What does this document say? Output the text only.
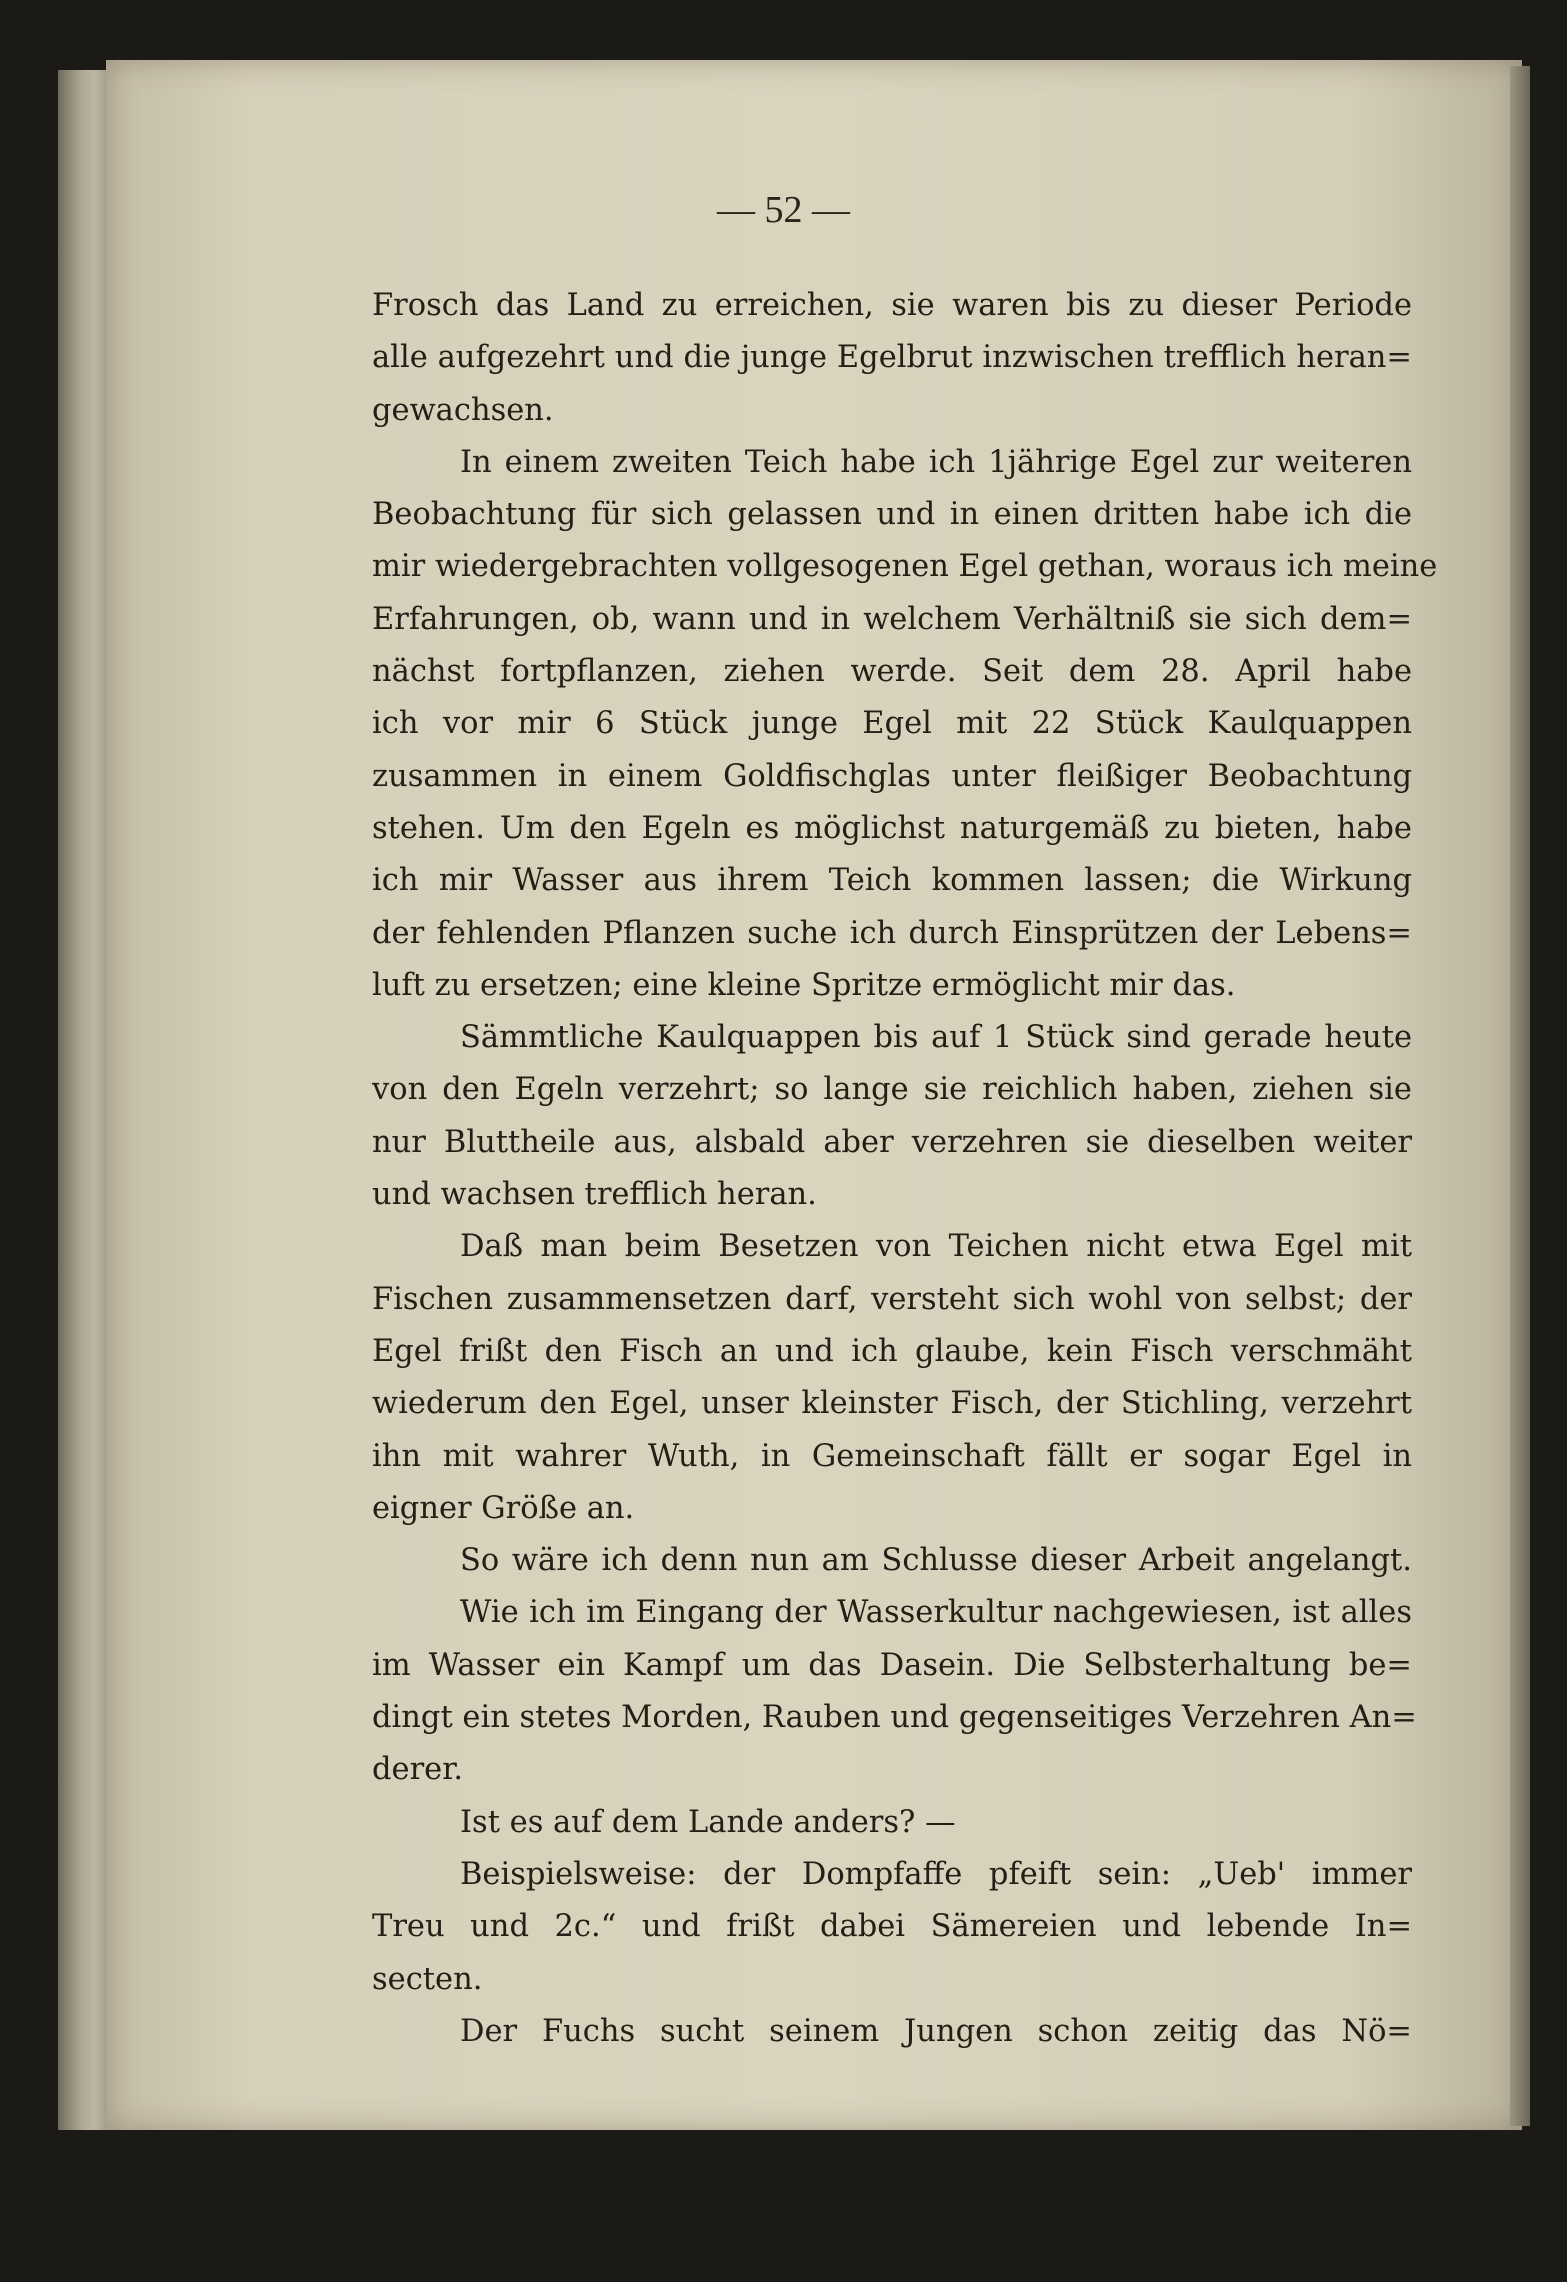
— 52 —
Frosch das Land zu erreichen, sie waren bis zu dieser Periode
alle aufgezehrt und die junge Egelbrut inzwischen trefflich heran=
gewachsen.
In einem zweiten Teich habe ich 1jährige Egel zur weiteren
Beobachtung für sich gelassen und in einen dritten habe ich die
mir wiedergebrachten vollgesogenen Egel gethan, woraus ich meine
Erfahrungen, ob, wann und in welchem Verhältniß sie sich dem=
nächst fortpflanzen, ziehen werde. Seit dem 28. April habe
ich vor mir 6 Stück junge Egel mit 22 Stück Kaulquappen
zusammen in einem Goldfischglas unter fleißiger Beobachtung
stehen. Um den Egeln es möglichst naturgemäß zu bieten, habe
ich mir Wasser aus ihrem Teich kommen lassen; die Wirkung
der fehlenden Pflanzen suche ich durch Einsprützen der Lebens=
luft zu ersetzen; eine kleine Spritze ermöglicht mir das.
Sämmtliche Kaulquappen bis auf 1 Stück sind gerade heute
von den Egeln verzehrt; so lange sie reichlich haben, ziehen sie
nur Bluttheile aus, alsbald aber verzehren sie dieselben weiter
und wachsen trefflich heran.
Daß man beim Besetzen von Teichen nicht etwa Egel mit
Fischen zusammensetzen darf, versteht sich wohl von selbst; der
Egel frißt den Fisch an und ich glaube, kein Fisch verschmäht
wiederum den Egel, unser kleinster Fisch, der Stichling, verzehrt
ihn mit wahrer Wuth, in Gemeinschaft fällt er sogar Egel in
eigner Größe an.
So wäre ich denn nun am Schlusse dieser Arbeit angelangt.
Wie ich im Eingang der Wasserkultur nachgewiesen, ist alles
im Wasser ein Kampf um das Dasein. Die Selbsterhaltung be=
dingt ein stetes Morden, Rauben und gegenseitiges Verzehren An=
derer.
Ist es auf dem Lande anders? —
Beispielsweise: der Dompfaffe pfeift sein: „Ueb' immer
Treu und 2c.“ und frißt dabei Sämereien und lebende In=
secten.
Der Fuchs sucht seinem Jungen schon zeitig das Nö=
